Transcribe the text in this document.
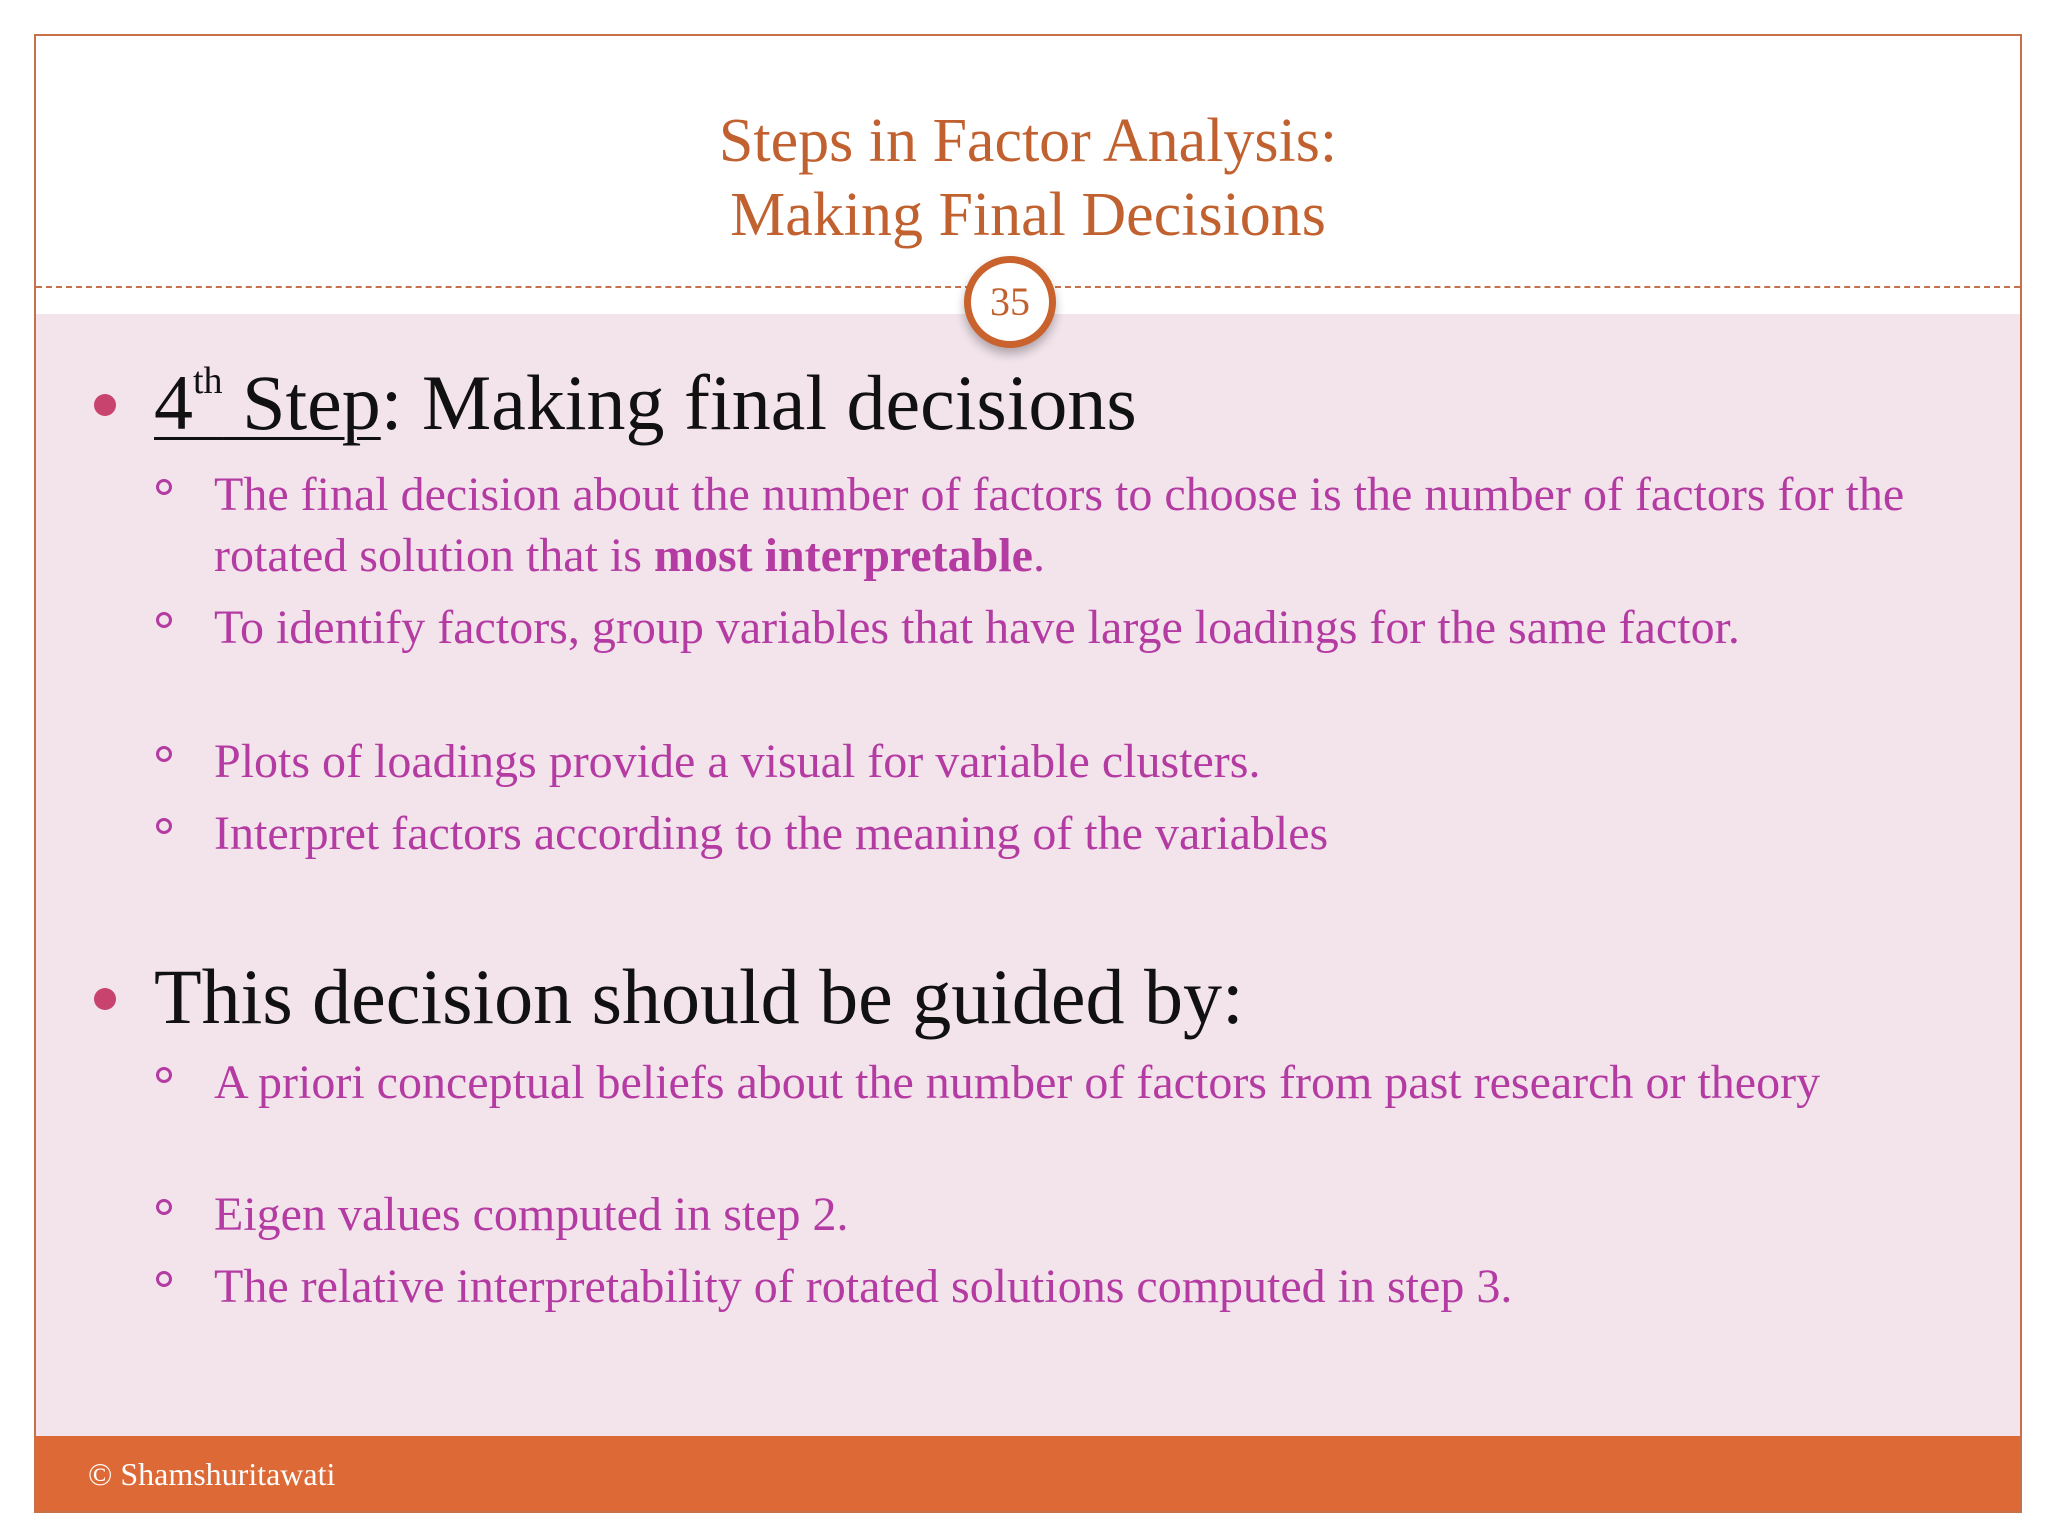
Steps in Factor Analysis:
Making Final Decisions
35
4th Step: Making final decisions
The final decision about the number of factors to choose is the number of factors for the rotated solution that is most interpretable.
To identify factors, group variables that have large loadings for the same factor.
Plots of loadings provide a visual for variable clusters.
Interpret factors according to the meaning of the variables
This decision should be guided by:
A priori conceptual beliefs about the number of factors from past research or theory
Eigen values computed in step 2.
The relative interpretability of rotated solutions computed in step 3.
© Shamshuritawati
